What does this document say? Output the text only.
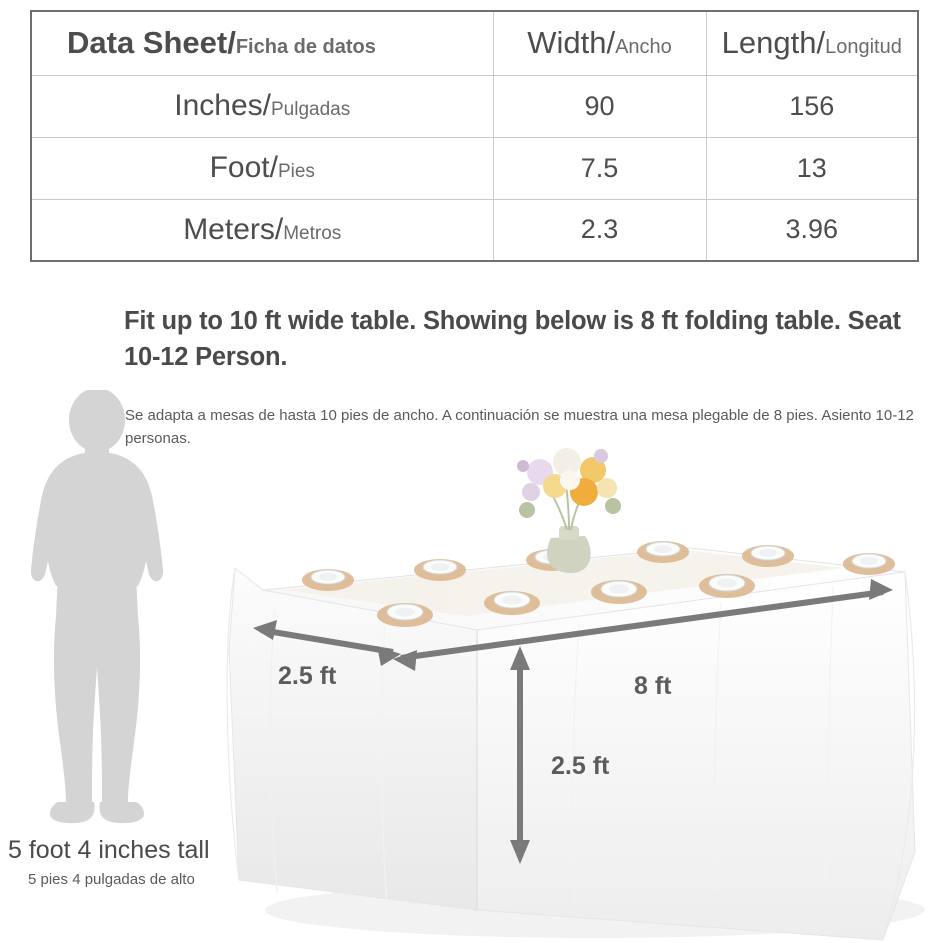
Data Sheet/Ficha de datos	Width/Ancho	Length/Longitud
Inches/Pulgadas	90	156
Foot/Pies	7.5	13
Meters/Metros	2.3	3.96
Fit up to 10 ft wide table. Showing below is 8 ft folding table. Seat 10-12 Person.
Se adapta a mesas de hasta 10 pies de ancho. A continuación se muestra una mesa plegable de 8 pies. Asiento 10-12 personas.
5 foot 4 inches tall
5 pies 4 pulgadas de alto
2.5 ft	8 ft
2.5 ft
